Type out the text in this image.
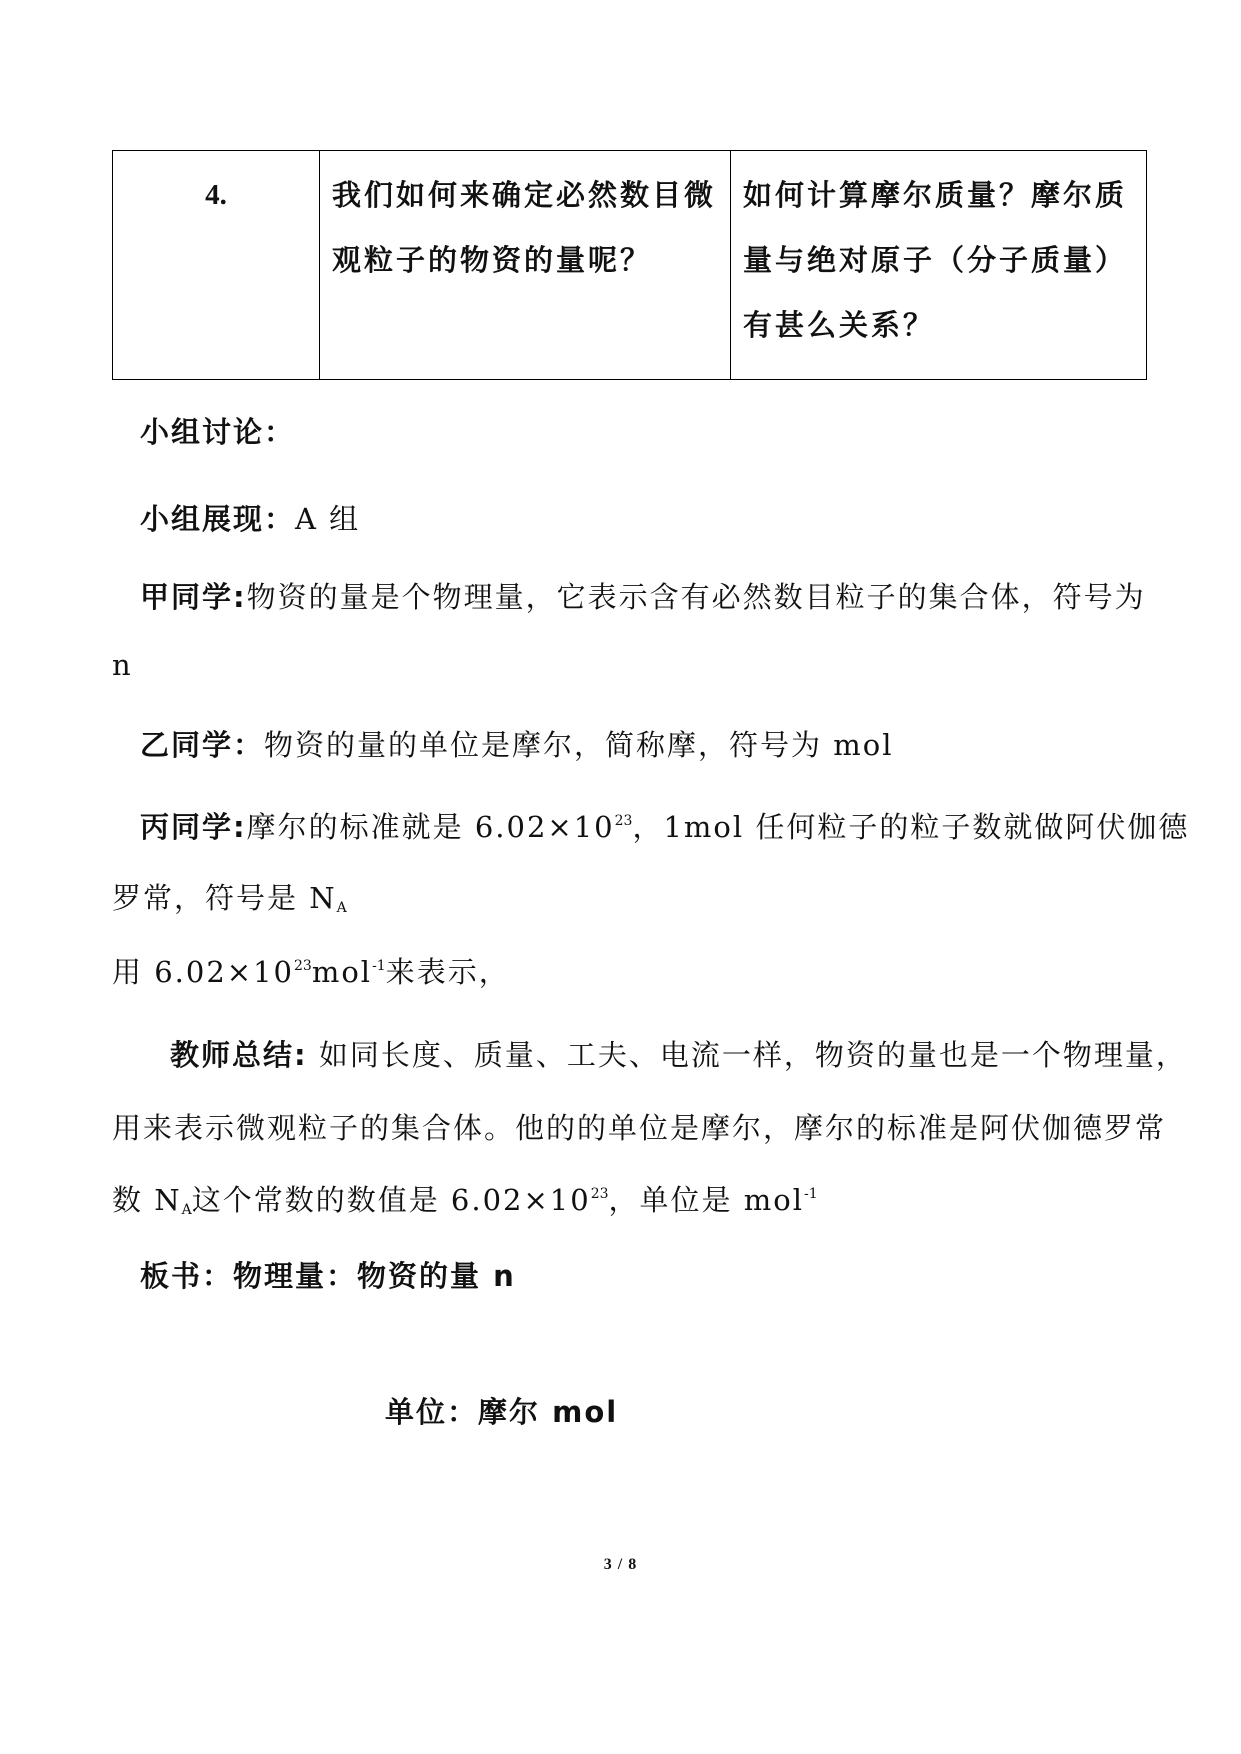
4.	我们如何来确定必然数目微观粒子的物资的量呢？	如何计算摩尔质量？摩尔质量与绝对原子（分子质量）有甚么关系？
小组讨论：
小组展现：A 组
甲同学:物资的量是个物理量，它表示含有必然数目粒子的集合体，符号为
n
乙同学：物资的量的单位是摩尔，简称摩，符号为 mol
丙同学:摩尔的标准就是 $6.02\times 10^{23}$，1mol 任何粒子的粒子数就做阿伏伽德
罗常，符号是 $N_A$
用 $6.02\times 10^{23}mol^{-1}$来表示，
教师总结: 如同长度、质量、工夫、电流一样，物资的量也是一个物理量，
用来表示微观粒子的集合体。他的的单位是摩尔，摩尔的标准是阿伏伽德罗常
数 $N_A$这个常数的数值是 $6.02\times 10^{23}$，单位是 mol$^{-1}$
板书：物理量：物资的量 n
单位：摩尔 mol
3 / 8
